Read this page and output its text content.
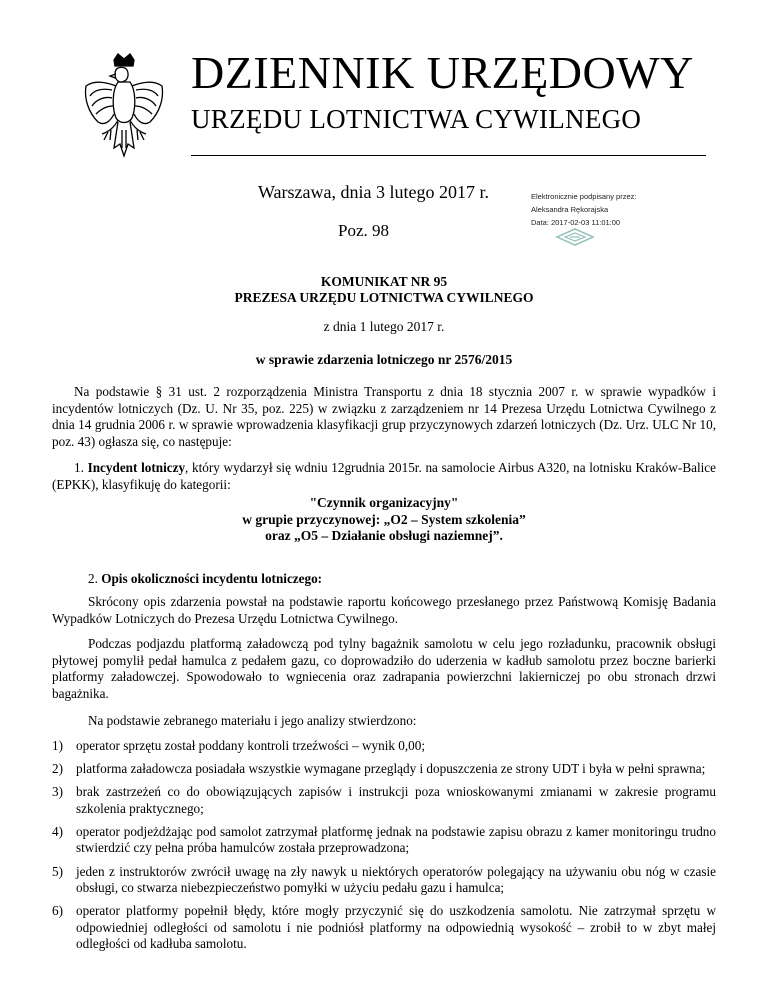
DZIENNIK URZĘDOWY
URZĘDU LOTNICTWA CYWILNEGO
Warszawa, dnia 3 lutego 2017 r.
Poz. 98
Elektronicznie podpisany przez:
Aleksandra Rękorajska
Data: 2017-02-03 11:01:00
KOMUNIKAT NR 95
PREZESA URZĘDU LOTNICTWA CYWILNEGO
z dnia 1 lutego 2017 r.
w sprawie zdarzenia lotniczego nr 2576/2015
Na podstawie § 31 ust. 2 rozporządzenia Ministra Transportu z dnia 18 stycznia 2007 r. w sprawie wypadków i incydentów lotniczych (Dz. U. Nr 35, poz. 225) w związku z zarządzeniem nr 14 Prezesa Urzędu Lotnictwa Cywilnego z dnia 14 grudnia 2006 r. w sprawie wprowadzenia klasyfikacji grup przyczynowych zdarzeń lotniczych (Dz. Urz. ULC Nr 10, poz. 43) ogłasza się, co następuje:
1. Incydent lotniczy, który wydarzył się wdniu 12grudnia 2015r. na samolocie Airbus A320, na lotnisku Kraków-Balice (EPKK), klasyfikuję do kategorii:
"Czynnik organizacyjny"
w grupie przyczynowej: „O2 – System szkolenia”
oraz „O5 – Działanie obsługi naziemnej”.
2. Opis okoliczności incydentu lotniczego:
Skrócony opis zdarzenia powstał na podstawie raportu końcowego przesłanego przez Państwową Komisję Badania Wypadków Lotniczych do Prezesa Urzędu Lotnictwa Cywilnego.
Podczas podjazdu platformą załadowczą pod tylny bagażnik samolotu w celu jego rozładunku, pracownik obsługi płytowej pomylił pedał hamulca z pedałem gazu, co doprowadziło do uderzenia w kadłub samolotu przez boczne barierki platformy załadowczej. Spowodowało to wgniecenia oraz zadrapania powierzchni lakierniczej po obu stronach drzwi bagażnika.
Na podstawie zebranego materiału i jego analizy stwierdzono:
1) operator sprzętu został poddany kontroli trzeźwości – wynik 0,00;
2) platforma załadowcza posiadała wszystkie wymagane przeglądy i dopuszczenia ze strony UDT i była w pełni sprawna;
3) brak zastrzeżeń co do obowiązujących zapisów i instrukcji poza wnioskowanymi zmianami w zakresie programu szkolenia praktycznego;
4) operator podjeżdżając pod samolot zatrzymał platformę jednak na podstawie zapisu obrazu z kamer monitoringu trudno stwierdzić czy pełna próba hamulców została przeprowadzona;
5) jeden z instruktorów zwrócił uwagę na zły nawyk u niektórych operatorów polegający na używaniu obu nóg w czasie obsługi, co stwarza niebezpieczeństwo pomyłki w użyciu pedału gazu i hamulca;
6) operator platformy popełnił błędy, które mogły przyczynić się do uszkodzenia samolotu. Nie zatrzymał sprzętu w odpowiedniej odległości od samolotu i nie podniósł platformy na odpowiednią wysokość – zrobił to w zbyt małej odległości od kadłuba samolotu.
